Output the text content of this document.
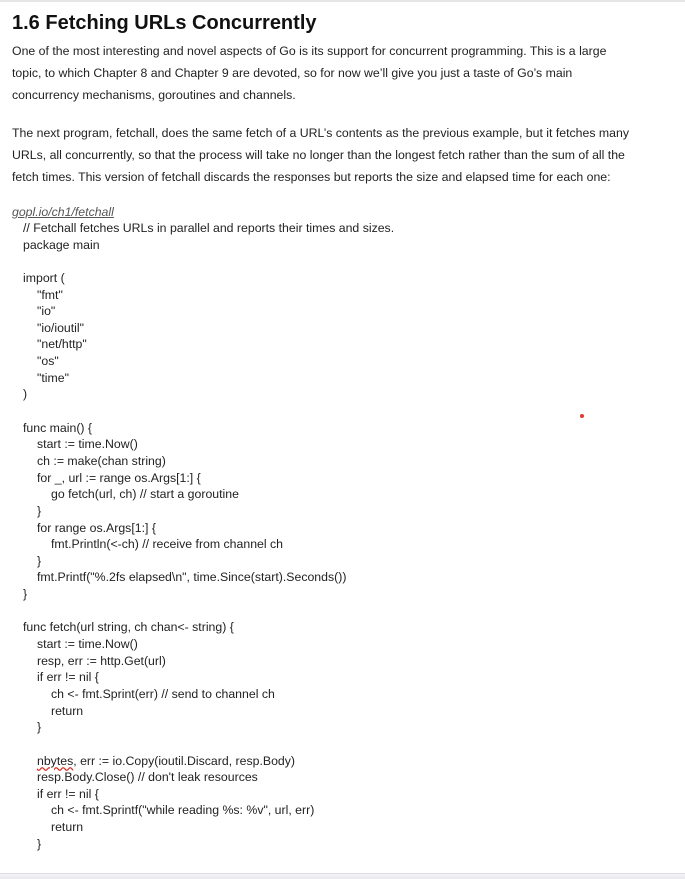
1.6 Fetching URLs Concurrently

One of the most interesting and novel aspects of Go is its support for concurrent programming. This is a large topic, to which Chapter 8 and Chapter 9 are devoted, so for now we’ll give you just a taste of Go’s main concurrency mechanisms, goroutines and channels.

The next program, fetchall, does the same fetch of a URL’s contents as the previous example, but it fetches many URLs, all concurrently, so that the process will take no longer than the longest fetch rather than the sum of all the fetch times. This version of fetchall discards the responses but reports the size and elapsed time for each one:

gopl.io/ch1/fetchall
// Fetchall fetches URLs in parallel and reports their times and sizes.
package main
import (
"fmt"
"io"
"io/ioutil"
"net/http"
"os"
"time"
)
func main() {
start := time.Now()
ch := make(chan string)
for _, url := range os.Args[1:] {
go fetch(url, ch) // start a goroutine
}
for range os.Args[1:] {
fmt.Println(<-ch) // receive from channel ch
}
fmt.Printf("%.2fs elapsed\n", time.Since(start).Seconds())
}
func fetch(url string, ch chan<- string) {
start := time.Now()
resp, err := http.Get(url)
if err != nil {
ch <- fmt.Sprint(err) // send to channel ch
return
}
nbytes, err := io.Copy(ioutil.Discard, resp.Body)
resp.Body.Close() // don't leak resources
if err != nil {
ch <- fmt.Sprintf("while reading %s: %v", url, err)
return
}
